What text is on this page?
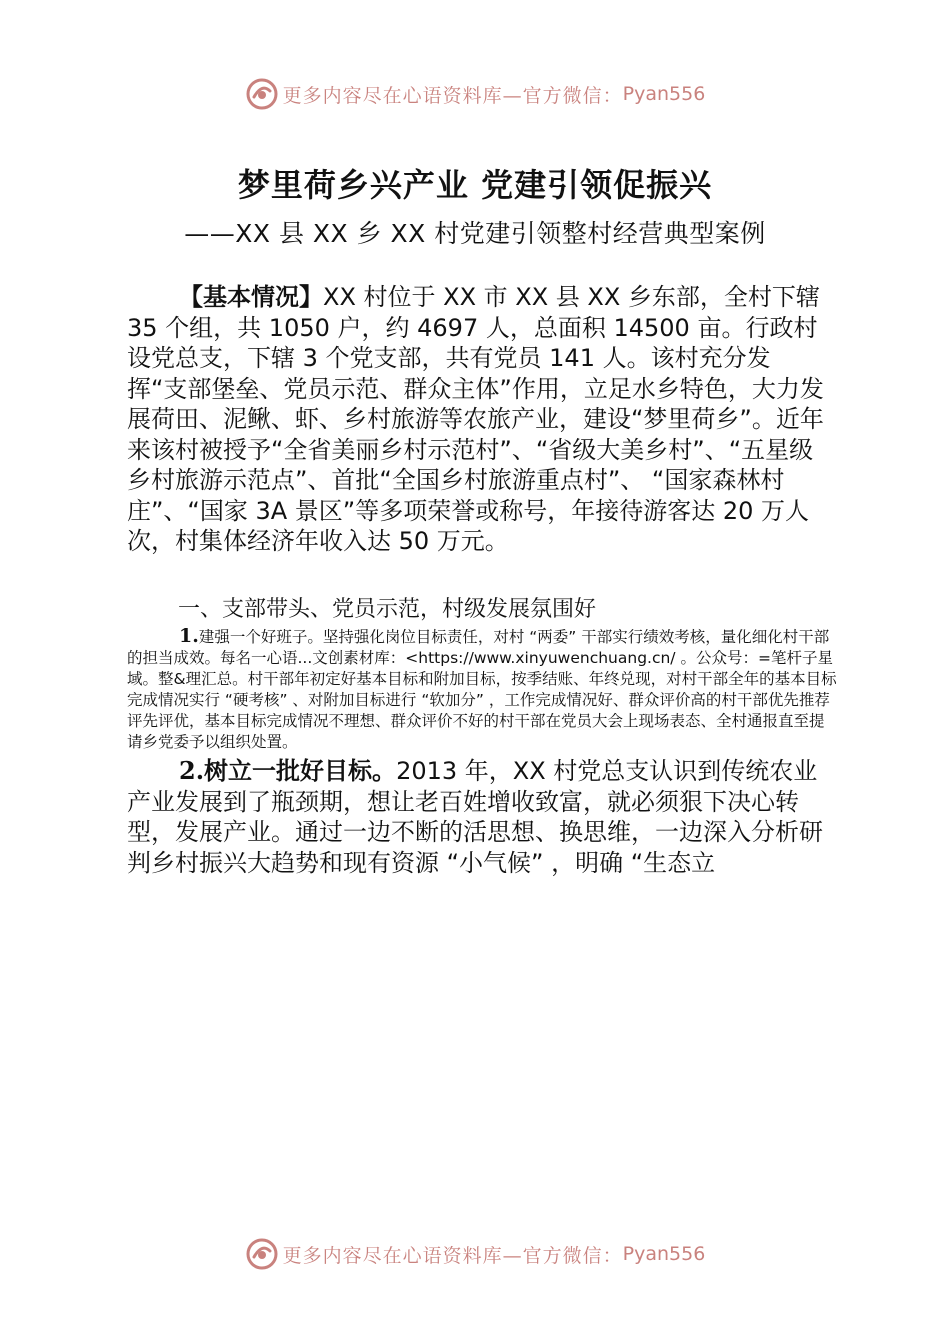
更多内容尽在心语资料库—官方微信： Pyan556
梦里荷乡兴产业 党建引领促振兴
——XX 县 XX 乡 XX 村党建引领整村经营典型案例

【基本情况】XX 村位于 XX 市 XX 县 XX 乡东部，全村下辖 35 个组，共 1050 户，约 4697 人，总面积 14500 亩。行政村

设党总支，下辖 3 个党支部，共有党员 141 人。该村充分发挥“支部堡垒、党员示范、群众主体”作用，立足水乡特色，大力发展荷田、泥鳅、虾、乡村旅游等农旅产业，建设“梦里荷乡”。近年来该村被授予“全省美丽乡村示范村”、“省级大美乡村”、“五星级乡村旅游示范点”、首批“全国乡村旅游重点村”、 “国家森林村庄”、“国家 3A 景区”等多项荣誉或称号，年接待游客达 20 万人次，村集体经济年收入达 50 万元。

一、支部带头、党员示范，村级发展氛围好

1.建强一个好班子。坚持强化岗位目标责任，对村 “两委” 干部实行绩效考核，量化细化村干部的担当成效。每名一心语...文创素材库：<https://www.xinyuwenchuang.cn/ 。公众号：=笔杆子星域。整&理汇总。村干部年初定好基本目标和附加目标，按季结账、年终兑现，对村干部全年的基本目标完成情况实行 “硬考核” 、对附加目标进行 “软加分” ，工作完成情况好、群众评价高的村干部优先推荐评先评优，基本目标完成情况不理想、群众评价不好的村干部在党员大会上现场表态、全村通报直至提请乡党委予以组织处置。

2.树立一批好目标。2013 年，XX 村党总支认识到传统农业产业发展到了瓶颈期，想让老百姓增收致富，就必须狠下决心转型，发展产业。通过一边不断的活思想、换思维，一边深入分析研判乡村振兴大趋势和现有资源 “小气候” ，明确 “生态立

更多内容尽在心语资料库—官方微信： Pyan556
